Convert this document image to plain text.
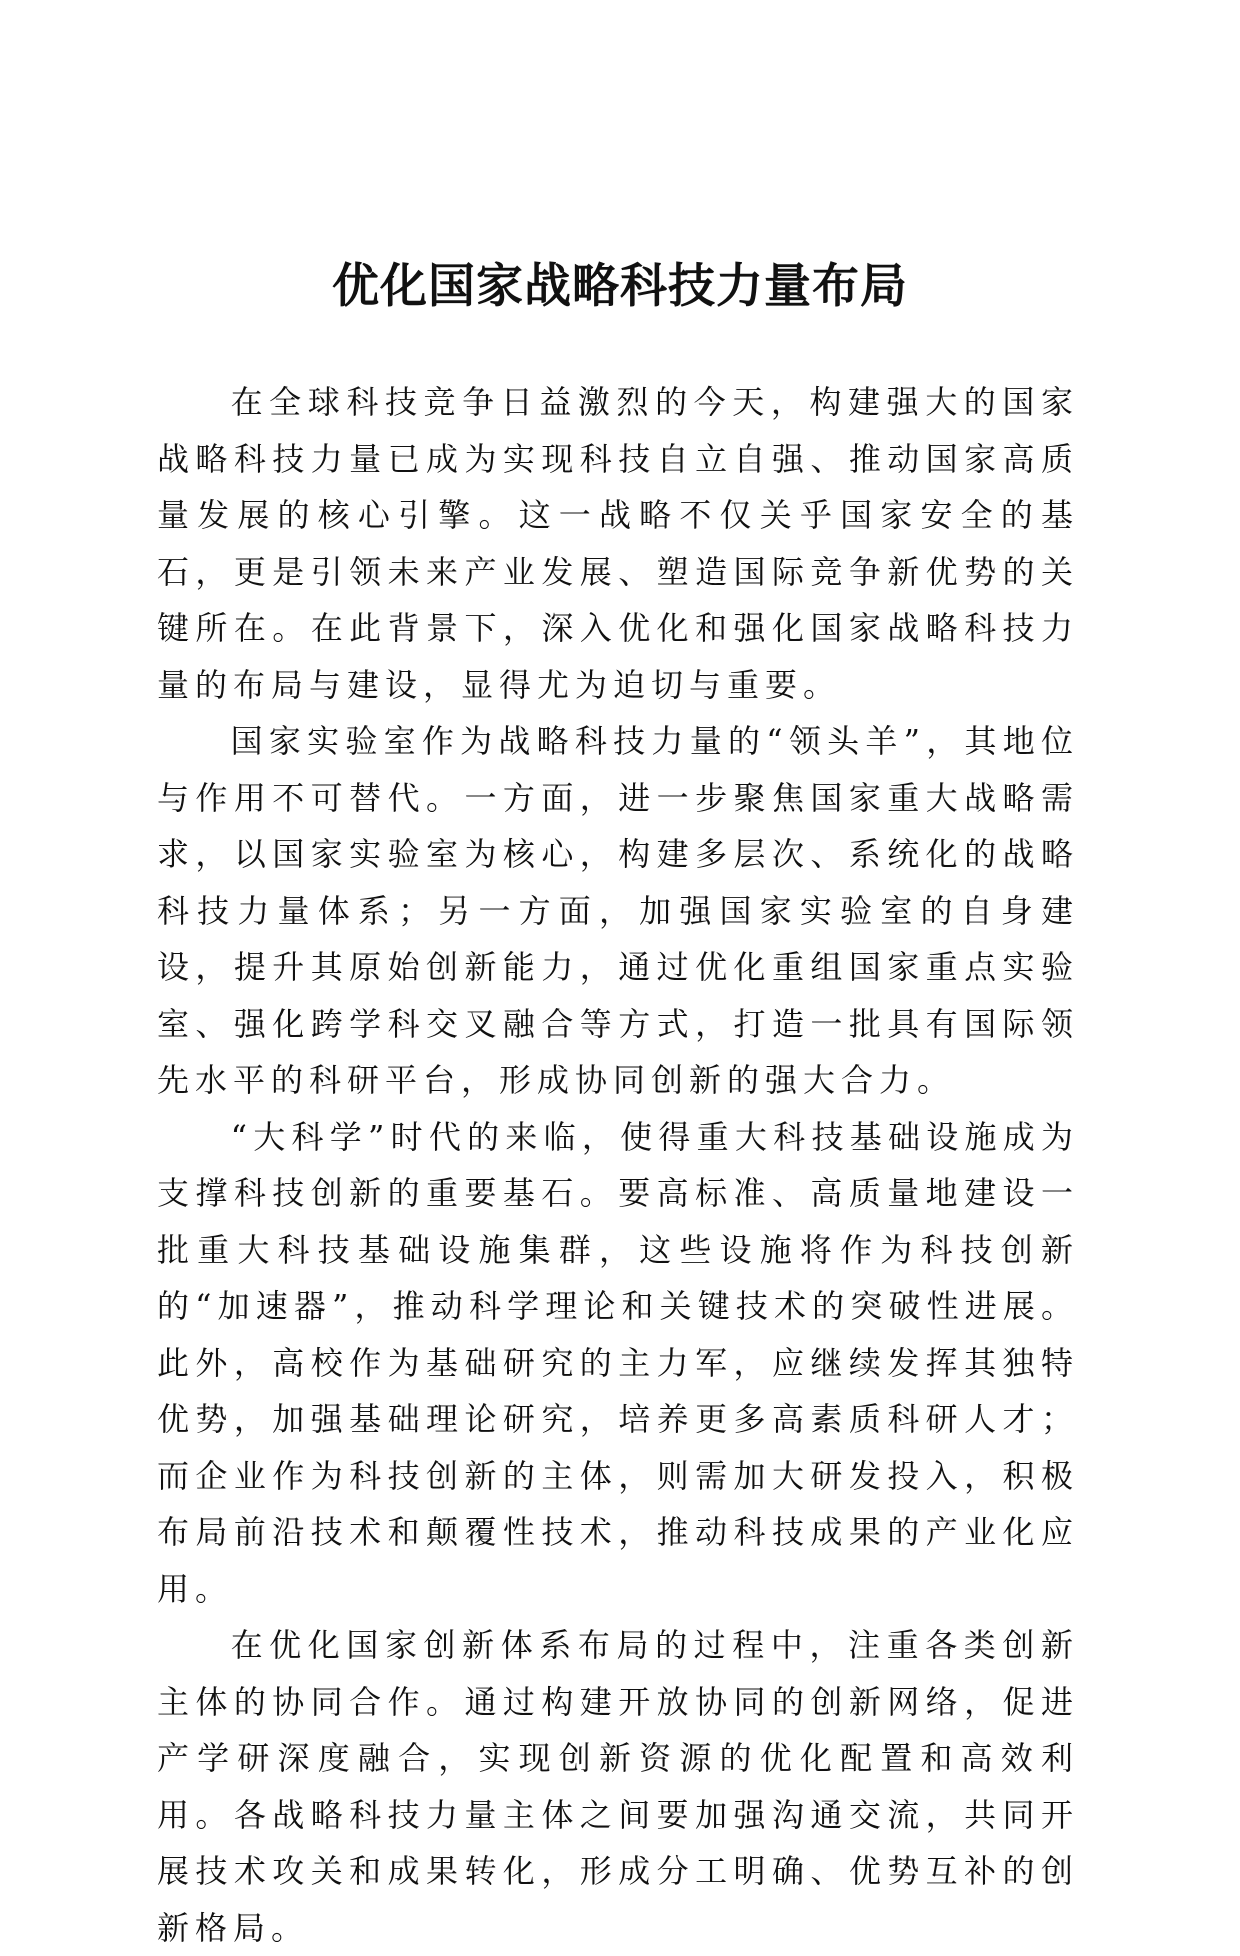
优化国家战略科技力量布局

在全球科技竞争日益激烈的今天，构建强大的国家战略科技力量已成为实现科技自立自强、推动国家高质量发展的核心引擎。这一战略不仅关乎国家安全的基石，更是引领未来产业发展、塑造国际竞争新优势的关键所在。在此背景下，深入优化和强化国家战略科技力量的布局与建设，显得尤为迫切与重要。

国家实验室作为战略科技力量的“领头羊”，其地位与作用不可替代。一方面，进一步聚焦国家重大战略需求，以国家实验室为核心，构建多层次、系统化的战略科技力量体系；另一方面，加强国家实验室的自身建设，提升其原始创新能力，通过优化重组国家重点实验室、强化跨学科交叉融合等方式，打造一批具有国际领先水平的科研平台，形成协同创新的强大合力。

“大科学”时代的来临，使得重大科技基础设施成为支撑科技创新的重要基石。要高标准、高质量地建设一批重大科技基础设施集群，这些设施将作为科技创新的“加速器”，推动科学理论和关键技术的突破性进展。此外，高校作为基础研究的主力军，应继续发挥其独特优势，加强基础理论研究，培养更多高素质科研人才；而企业作为科技创新的主体，则需加大研发投入，积极布局前沿技术和颠覆性技术，推动科技成果的产业化应用。

在优化国家创新体系布局的过程中，注重各类创新主体的协同合作。通过构建开放协同的创新网络，促进产学研深度融合，实现创新资源的优化配置和高效利用。各战略科技力量主体之间要加强沟通交流，共同开展技术攻关和成果转化，形成分工明确、优势互补的创新格局。
